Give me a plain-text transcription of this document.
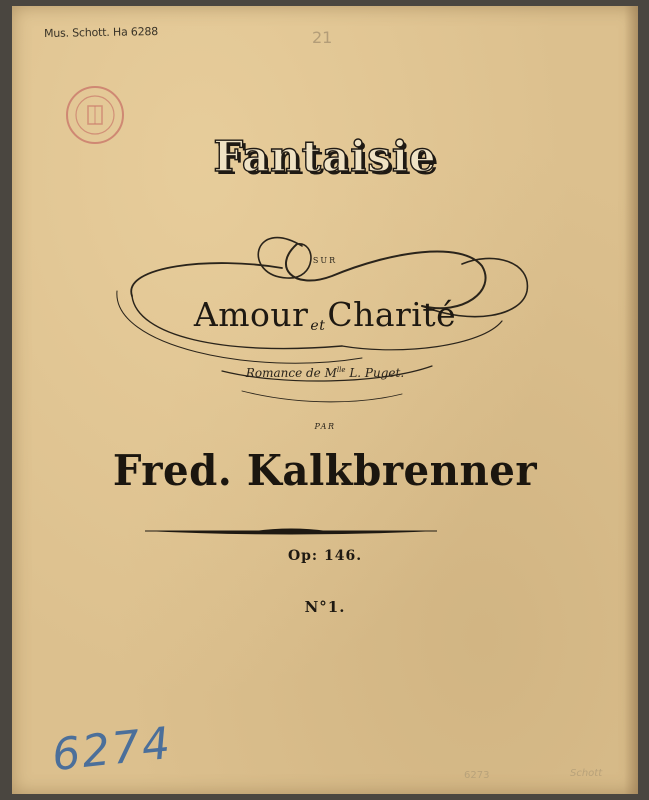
Mus. Schott. Ha 6288	21
Fantaisie
SUR
Amour etCharité
Romance de $M^{lle}$ L. Puget.
PAR
Fred. Kalkbrenner
Op: 146.
N°1.
6274	6273	Schott
